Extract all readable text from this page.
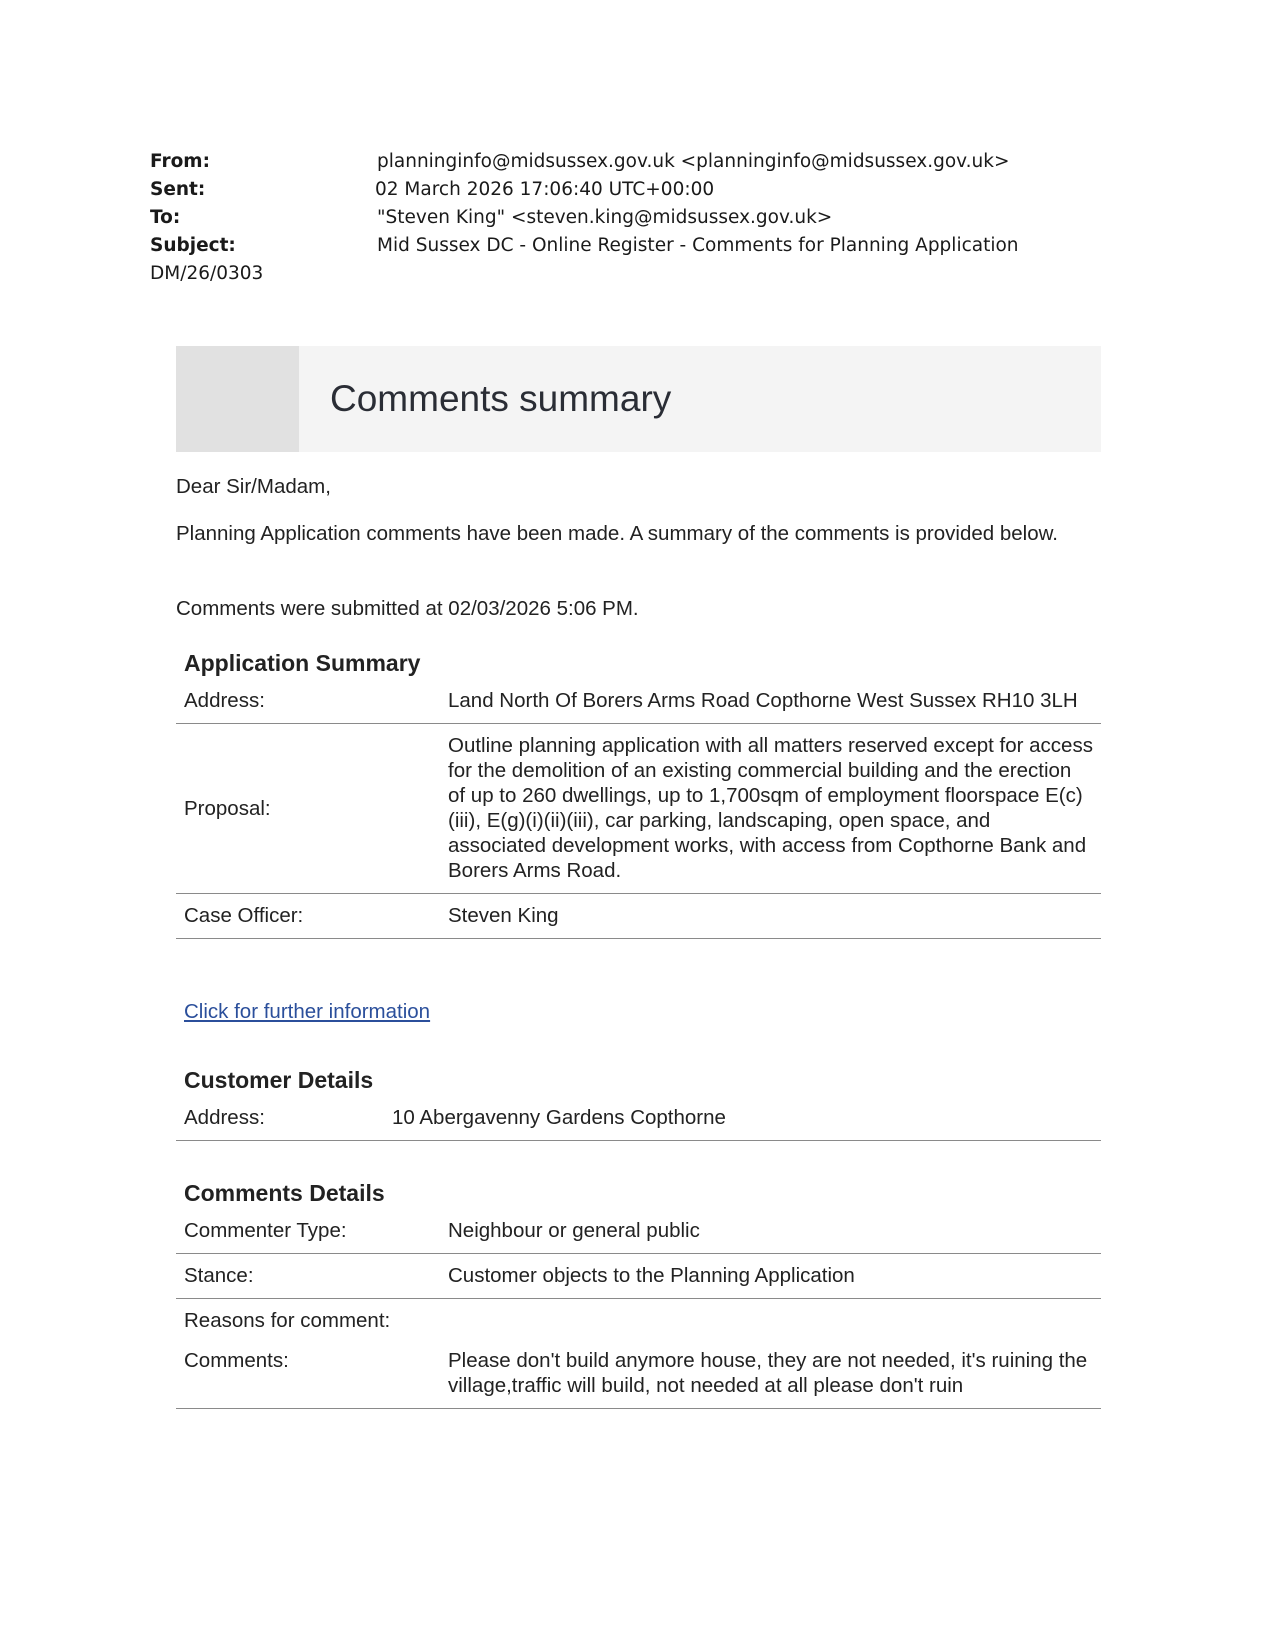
From:	planninginfo@midsussex.gov.uk <planninginfo@midsussex.gov.uk>
Sent:	02 March 2026 17:06:40 UTC+00:00
To:	"Steven King" <steven.king@midsussex.gov.uk>
Subject:	Mid Sussex DC - Online Register - Comments for Planning Application
DM/26/0303
Comments summary
Dear Sir/Madam,
Planning Application comments have been made. A summary of the comments is provided below.
Comments were submitted at 02/03/2026 5:06 PM.
Application Summary
Address:	Land North Of Borers Arms Road Copthorne West Sussex RH10 3LH
Proposal:	Outline planning application with all matters reserved except for access for the demolition of an existing commercial building and the erection of up to 260 dwellings, up to 1,700sqm of employment floorspace E(c)(iii), E(g)(i)(ii)(iii), car parking, landscaping, open space, and associated development works, with access from Copthorne Bank and Borers Arms Road.
Case Officer:	Steven King
Click for further information
Customer Details
Address:	10 Abergavenny Gardens Copthorne
Comments Details
Commenter Type:	Neighbour or general public
Stance:	Customer objects to the Planning Application
Reasons for comment:	
Comments:	Please don't build anymore house, they are not needed, it's ruining the village,traffic will build, not needed at all please don't ruin
